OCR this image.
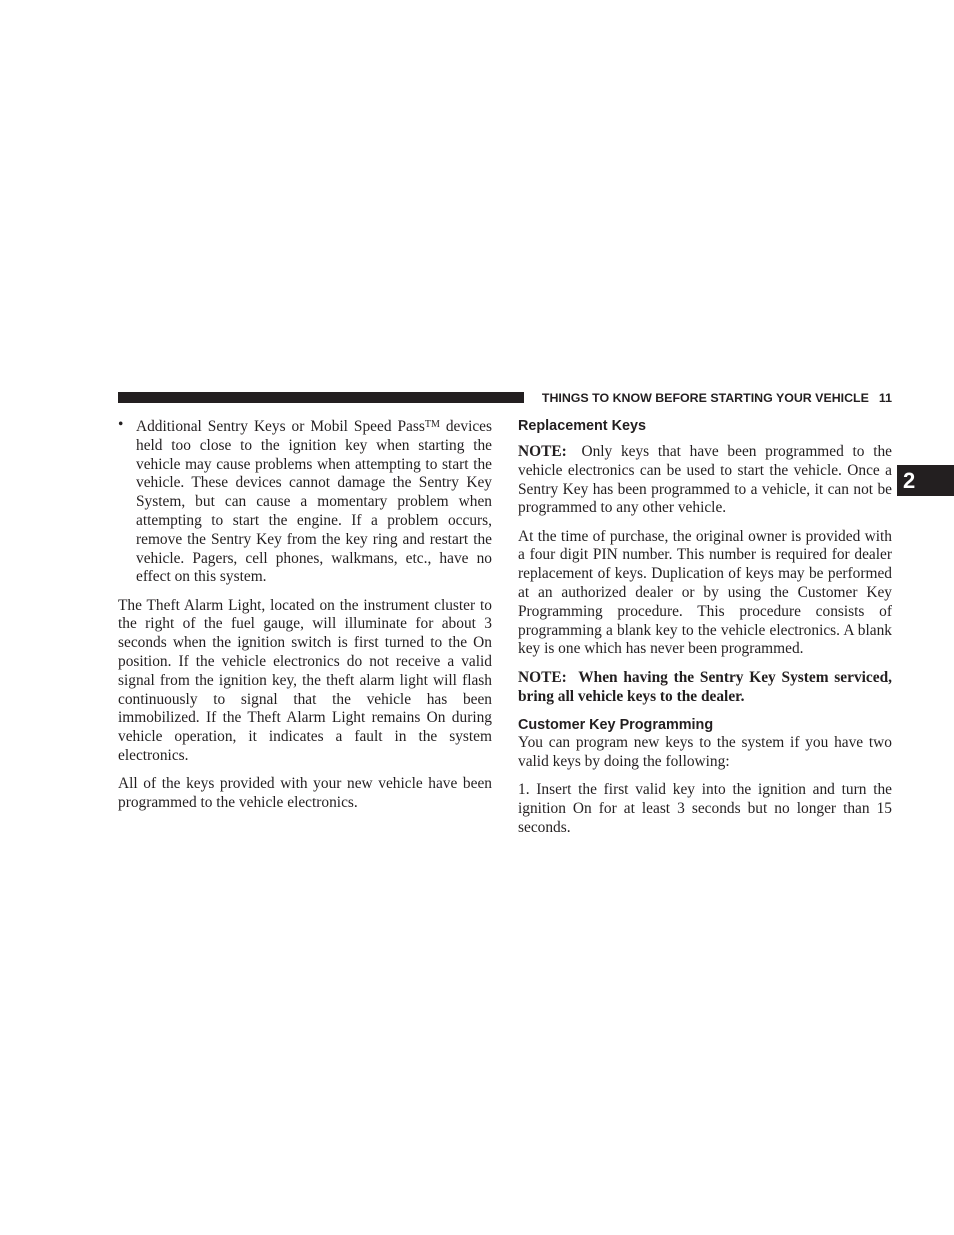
THINGS TO KNOW BEFORE STARTING YOUR VEHICLE 11
2
• Additional Sentry Keys or Mobil Speed Pass™ devices held too close to the ignition key when starting the vehicle may cause problems when attempting to start the vehicle. These devices cannot damage the Sentry Key System, but can cause a momentary problem when attempting to start the engine. If a problem occurs, remove the Sentry Key from the key ring and restart the vehicle. Pagers, cell phones, walkmans, etc., have no effect on this system.

The Theft Alarm Light, located on the instrument cluster to the right of the fuel gauge, will illuminate for about 3 seconds when the ignition switch is first turned to the On position. If the vehicle electronics do not receive a valid signal from the ignition key, the theft alarm light will flash continuously to signal that the vehicle has been immobilized. If the Theft Alarm Light remains On during vehicle operation, it indicates a fault in the system electronics.

All of the keys provided with your new vehicle have been programmed to the vehicle electronics.

Replacement Keys

NOTE: Only keys that have been programmed to the vehicle electronics can be used to start the vehicle. Once a Sentry Key has been programmed to a vehicle, it can not be programmed to any other vehicle.

At the time of purchase, the original owner is provided with a four digit PIN number. This number is required for dealer replacement of keys. Duplication of keys may be performed at an authorized dealer or by using the Customer Key Programming procedure. This procedure consists of programming a blank key to the vehicle electronics. A blank key is one which has never been programmed.

NOTE: When having the Sentry Key System serviced, bring all vehicle keys to the dealer.

Customer Key Programming

You can program new keys to the system if you have two valid keys by doing the following:

1. Insert the first valid key into the ignition and turn the ignition On for at least 3 seconds but no longer than 15 seconds.
